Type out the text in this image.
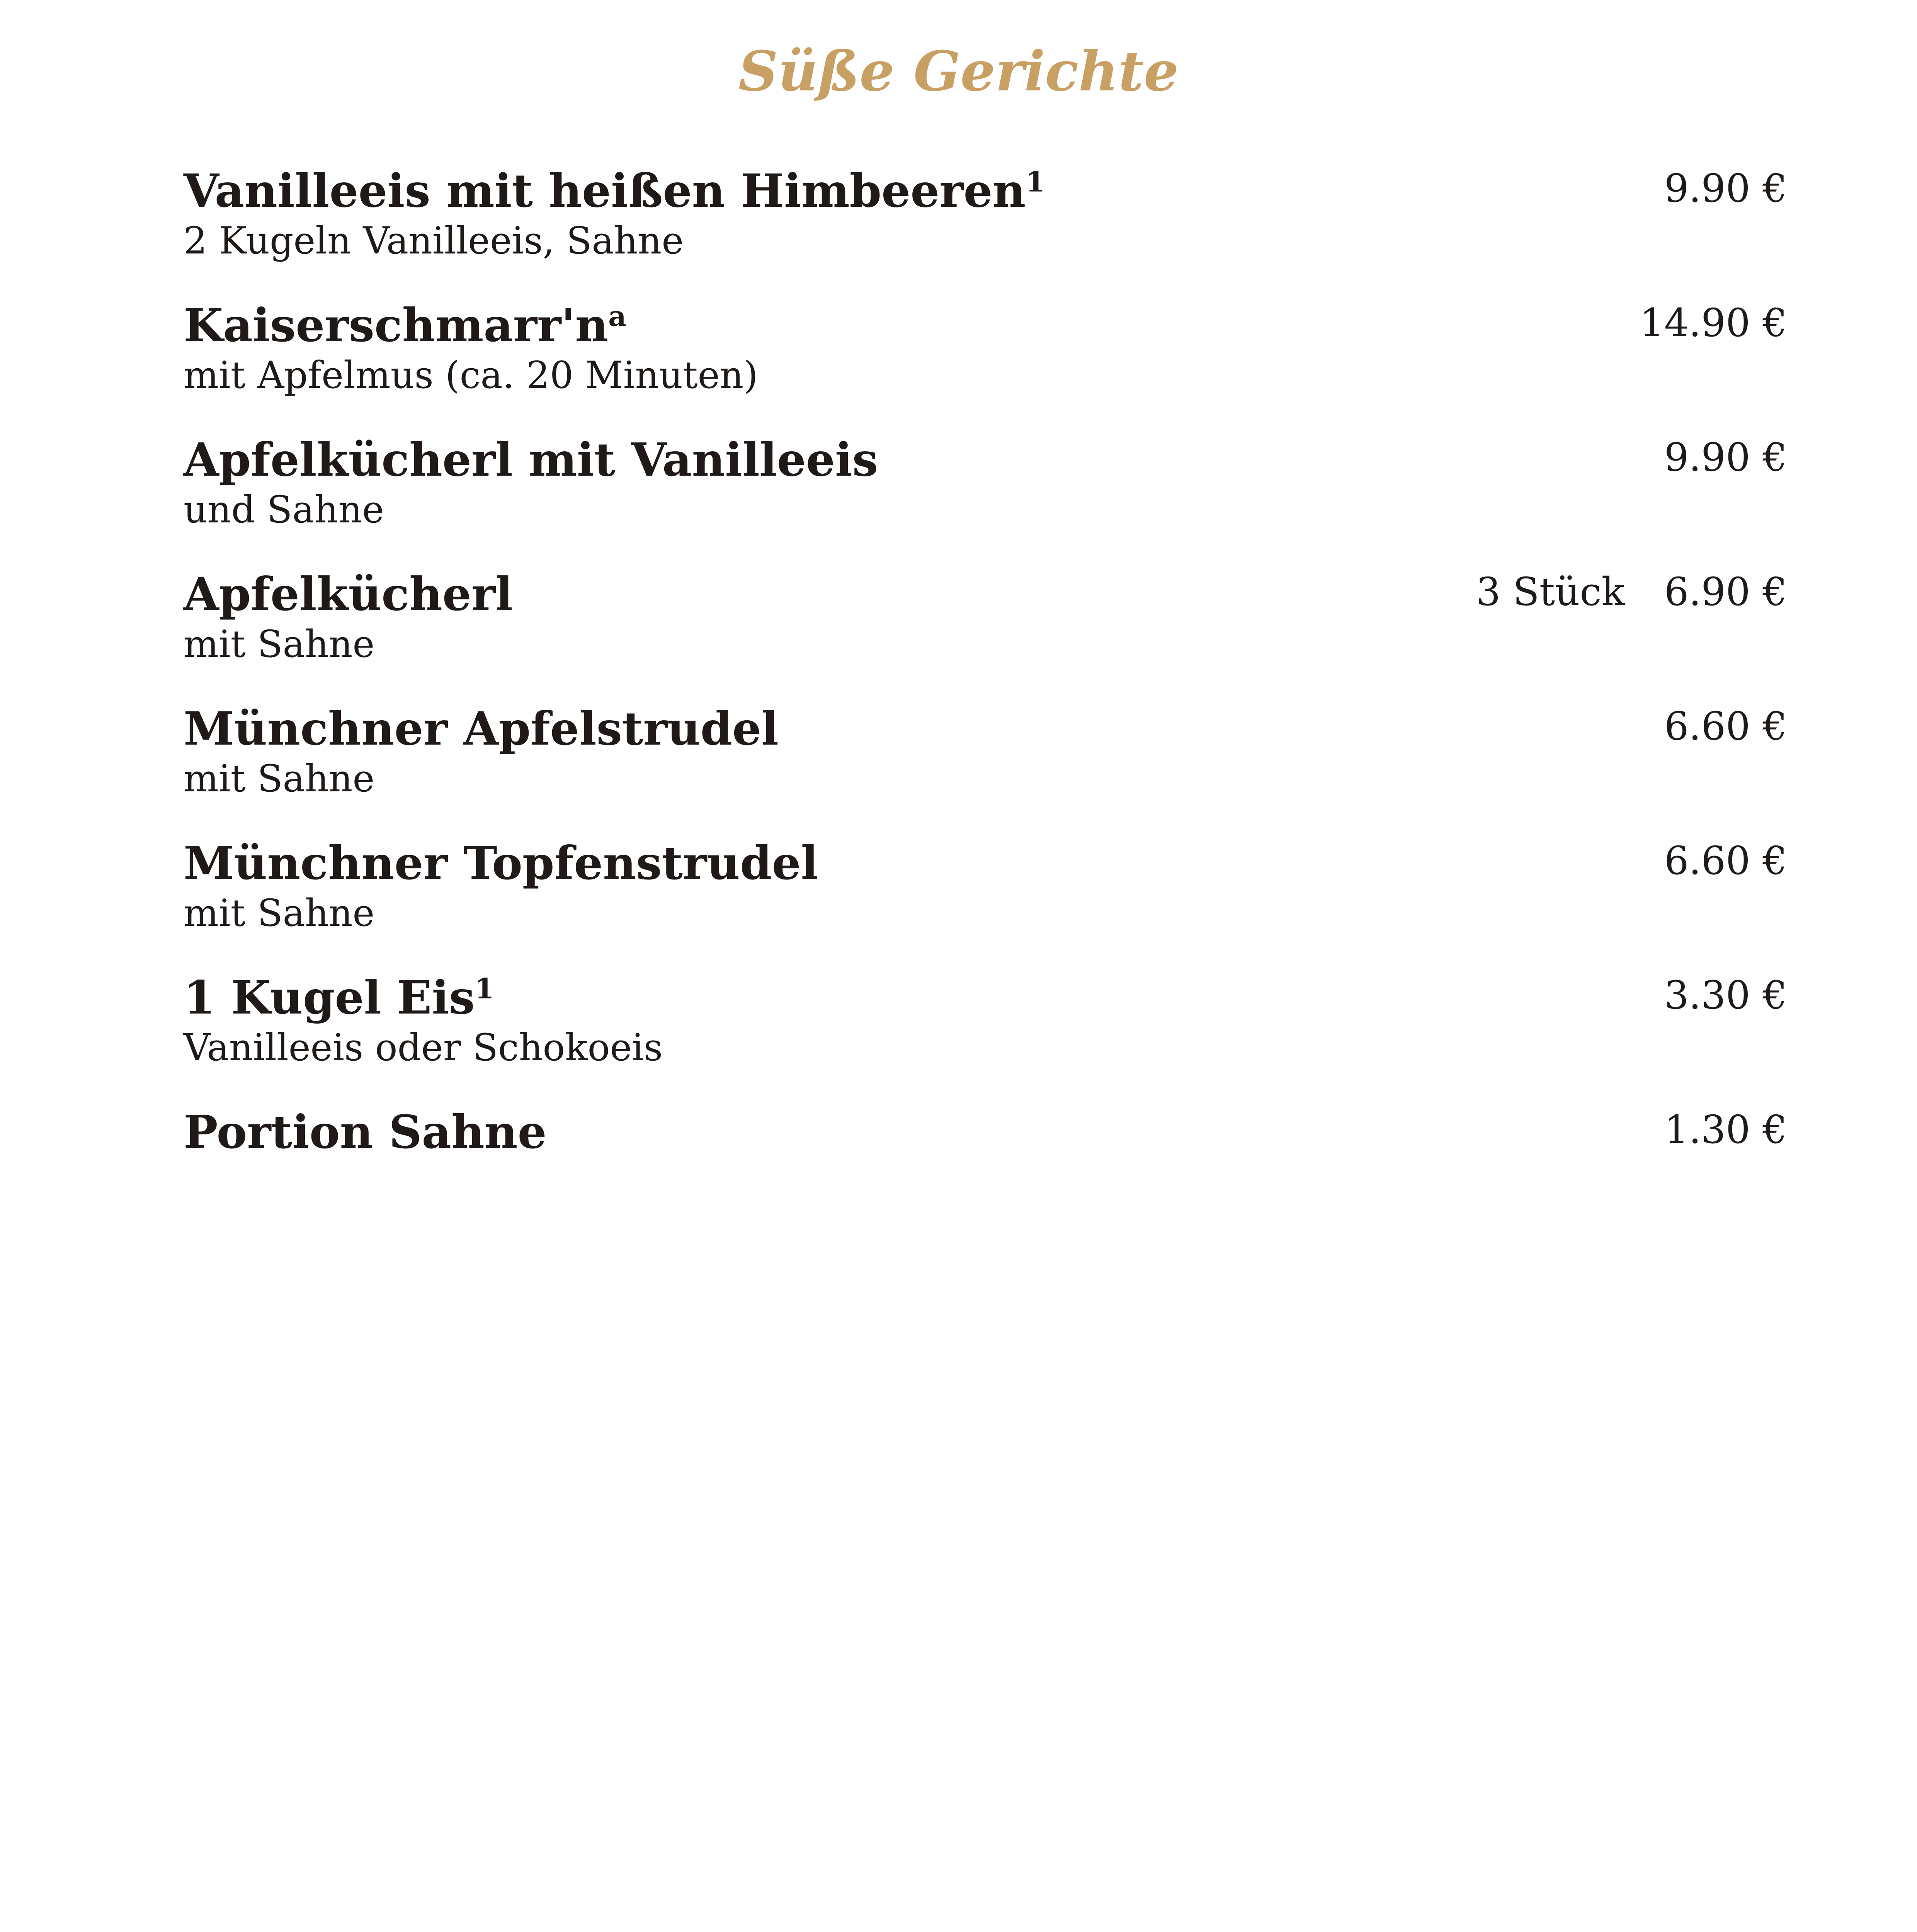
Süße Gerichte
Vanilleeis mit heißen Himbeeren$^1$
2 Kugeln Vanilleeis, Sahne
9.90 €
$Kaiserschmarr'n^a$
mit Apfelmus (ca. 20 Minuten)
14.90 €
Apfelkücherl mit Vanilleeis
und Sahne
9.90 €
Apfelkücherl
mit Sahne
3 Stück 6.90 €
Münchner Apfelstrudel
mit Sahne
6.60 €
Münchner Topfenstrudel
mit Sahne
6.60 €
1 Kugel Eis$^1$
Vanilleeis oder Schokoeis
3.30 €
Portion Sahne	1.30 €
